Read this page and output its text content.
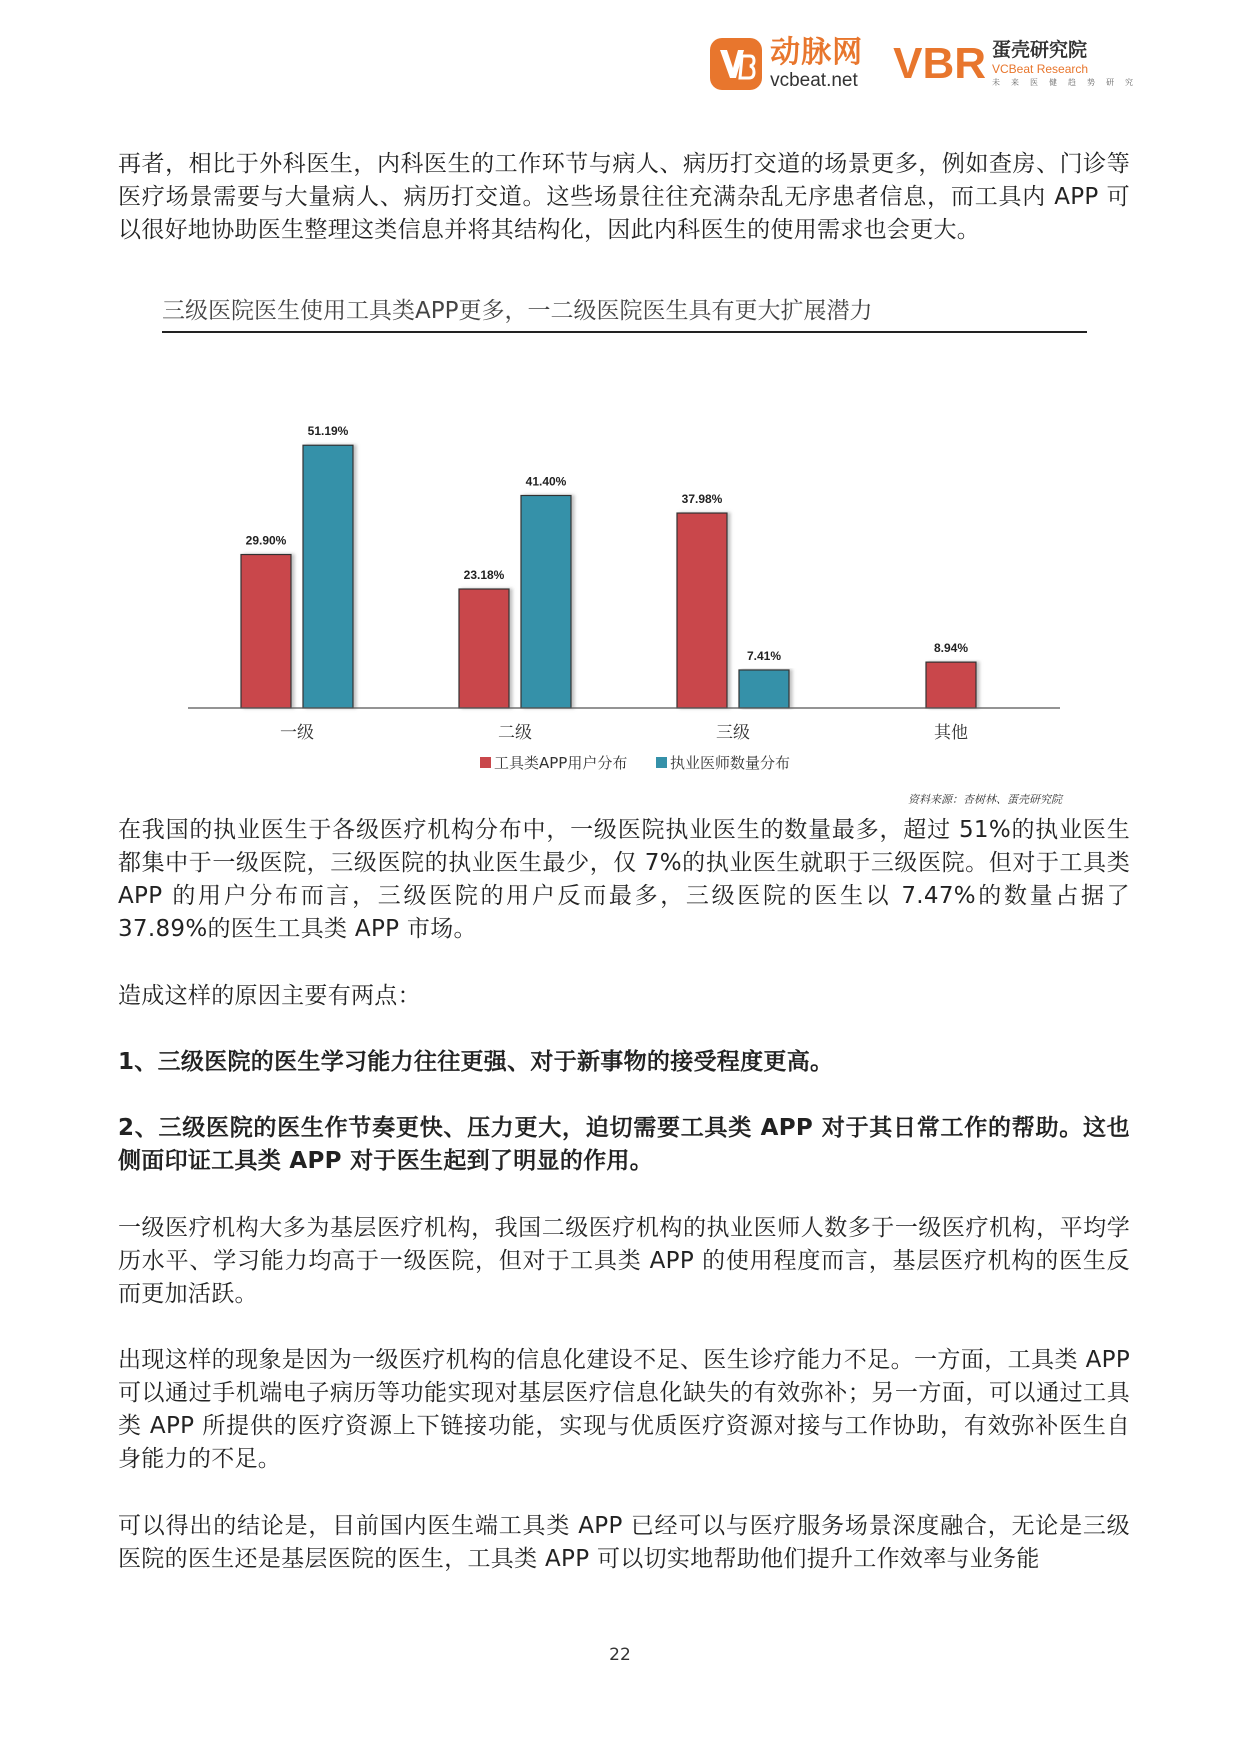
动脉网
vcbeat.net VBR 蛋壳研究院
VCBeat Research
未来医健趋势研究

再者，相比于外科医生，内科医生的工作环节与病人、病历打交道的场景更多，例如查房、门诊等医疗场景需要与大量病人、病历打交道。这些场景往往充满杂乱无序患者信息，而工具内 APP 可以很好地协助医生整理这类信息并将其结构化，因此内科医生的使用需求也会更大。

三级医院医生使用工具类APP更多，一二级医院医生具有更大扩展潜力
29.90%
51.19%
一级
23.18%
41.40%
二级
37.98%
7.41%
三级
8.94%
其他
工具类APP用户分布	执业医师数量分布
资料来源：杏树林、蛋壳研究院

在我国的执业医生于各级医疗机构分布中，一级医院执业医生的数量最多，超过 51%的执业医生都集中于一级医院，三级医院的执业医生最少，仅 7%的执业医生就职于三级医院。但对于工具类 APP 的用户分布而言，三级医院的用户反而最多，三级医院的医生以 7.47%的数量占据了 37.89%的医生工具类 APP 市场。

造成这样的原因主要有两点：

1、三级医院的医生学习能力往往更强、对于新事物的接受程度更高。

2、三级医院的医生作节奏更快、压力更大，迫切需要工具类 APP 对于其日常工作的帮助。这也侧面印证工具类 APP 对于医生起到了明显的作用。

一级医疗机构大多为基层医疗机构，我国二级医疗机构的执业医师人数多于一级医疗机构，平均学历水平、学习能力均高于一级医院，但对于工具类 APP 的使用程度而言，基层医疗机构的医生反而更加活跃。

出现这样的现象是因为一级医疗机构的信息化建设不足、医生诊疗能力不足。一方面，工具类 APP 可以通过手机端电子病历等功能实现对基层医疗信息化缺失的有效弥补；另一方面，可以通过工具类 APP 所提供的医疗资源上下链接功能，实现与优质医疗资源对接与工作协助，有效弥补医生自身能力的不足。

可以得出的结论是，目前国内医生端工具类 APP 已经可以与医疗服务场景深度融合，无论是三级医院的医生还是基层医院的医生，工具类 APP 可以切实地帮助他们提升工作效率与业务能

22
